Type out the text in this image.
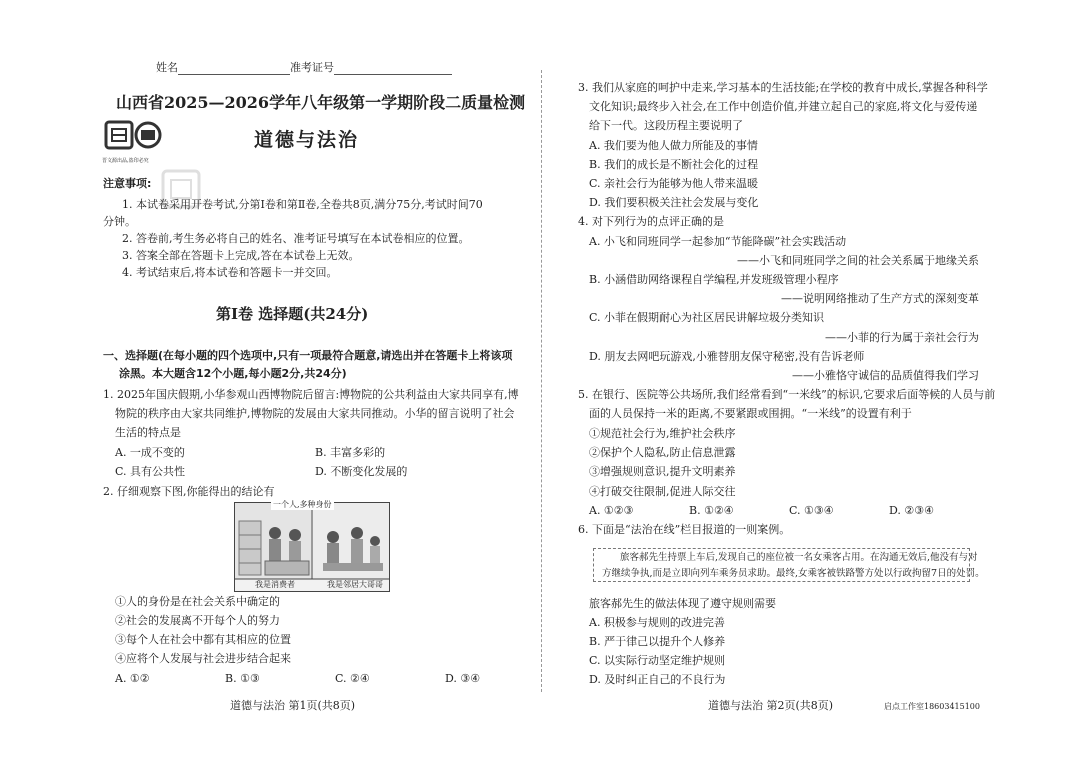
姓名	准考证号
山西省2025—2026学年八年级第一学期阶段二质量检测
晋文源出品,盗印必究
道德与法治
注意事项:
1. 本试卷采用开卷考试,分第Ⅰ卷和第Ⅱ卷,全卷共8页,满分75分,考试时间70
分钟。
2. 答卷前,考生务必将自己的姓名、准考证号填写在本试卷相应的位置。
3. 答案全部在答题卡上完成,答在本试卷上无效。
4. 考试结束后,将本试卷和答题卡一并交回。
第Ⅰ卷 选择题(共24分)
一、选择题(在每小题的四个选项中,只有一项最符合题意,请选出并在答题卡上将该项
涂黑。本大题含12个小题,每小题2分,共24分)
1. 2025年国庆假期,小华参观山西博物院后留言:博物院的公共利益由大家共同享有,博
物院的秩序由大家共同维护,博物院的发展由大家共同推动。小华的留言说明了社会
生活的特点是
A. 一成不变的	B. 丰富多彩的
C. 具有公共性	D. 不断变化发展的
2. 仔细观察下图,你能得出的结论有
一个人,多种身份
我是消费者	我是邻居大哥哥
①人的身份是在社会关系中确定的
②社会的发展离不开每个人的努力
③每个人在社会中都有其相应的位置
④应将个人发展与社会进步结合起来
A. ①②	B. ①③	C. ②④	D. ③④
道德与法治 第1页(共8页)
3. 我们从家庭的呵护中走来,学习基本的生活技能;在学校的教育中成长,掌握各种科学
文化知识;最终步入社会,在工作中创造价值,并建立起自己的家庭,将文化与爱传递
给下一代。这段历程主要说明了
A. 我们要为他人做力所能及的事情
B. 我们的成长是不断社会化的过程
C. 亲社会行为能够为他人带来温暖
D. 我们要积极关注社会发展与变化
4. 对下列行为的点评正确的是
A. 小飞和同班同学一起参加“节能降碳”社会实践活动
——小飞和同班同学之间的社会关系属于地缘关系
B. 小涵借助网络课程自学编程,并发班级管理小程序
——说明网络推动了生产方式的深刻变革
C. 小菲在假期耐心为社区居民讲解垃圾分类知识
——小菲的行为属于亲社会行为
D. 朋友去网吧玩游戏,小雅替朋友保守秘密,没有告诉老师
——小雅恪守诚信的品质值得我们学习
5. 在银行、医院等公共场所,我们经常看到“一米线”的标识,它要求后面等候的人员与前
面的人员保持一米的距离,不要紧跟或围拥。“一米线”的设置有利于
①规范社会行为,维护社会秩序
②保护个人隐私,防止信息泄露
③增强规则意识,提升文明素养
④打破交往限制,促进人际交往
A. ①②③	B. ①②④	C. ①③④	D. ②③④
6. 下面是“法治在线”栏目报道的一则案例。
旅客郝先生持票上车后,发现自己的座位被一名女乘客占用。在沟通无效后,他没有与对
方继续争执,而是立即向列车乘务员求助。最终,女乘客被铁路警方处以行政拘留7日的处罚。
旅客郝先生的做法体现了遵守规则需要
A. 积极参与规则的改进完善
B. 严于律己以提升个人修养
C. 以实际行动坚定维护规则
D. 及时纠正自己的不良行为
道德与法治 第2页(共8页)	启点工作室18603415100
